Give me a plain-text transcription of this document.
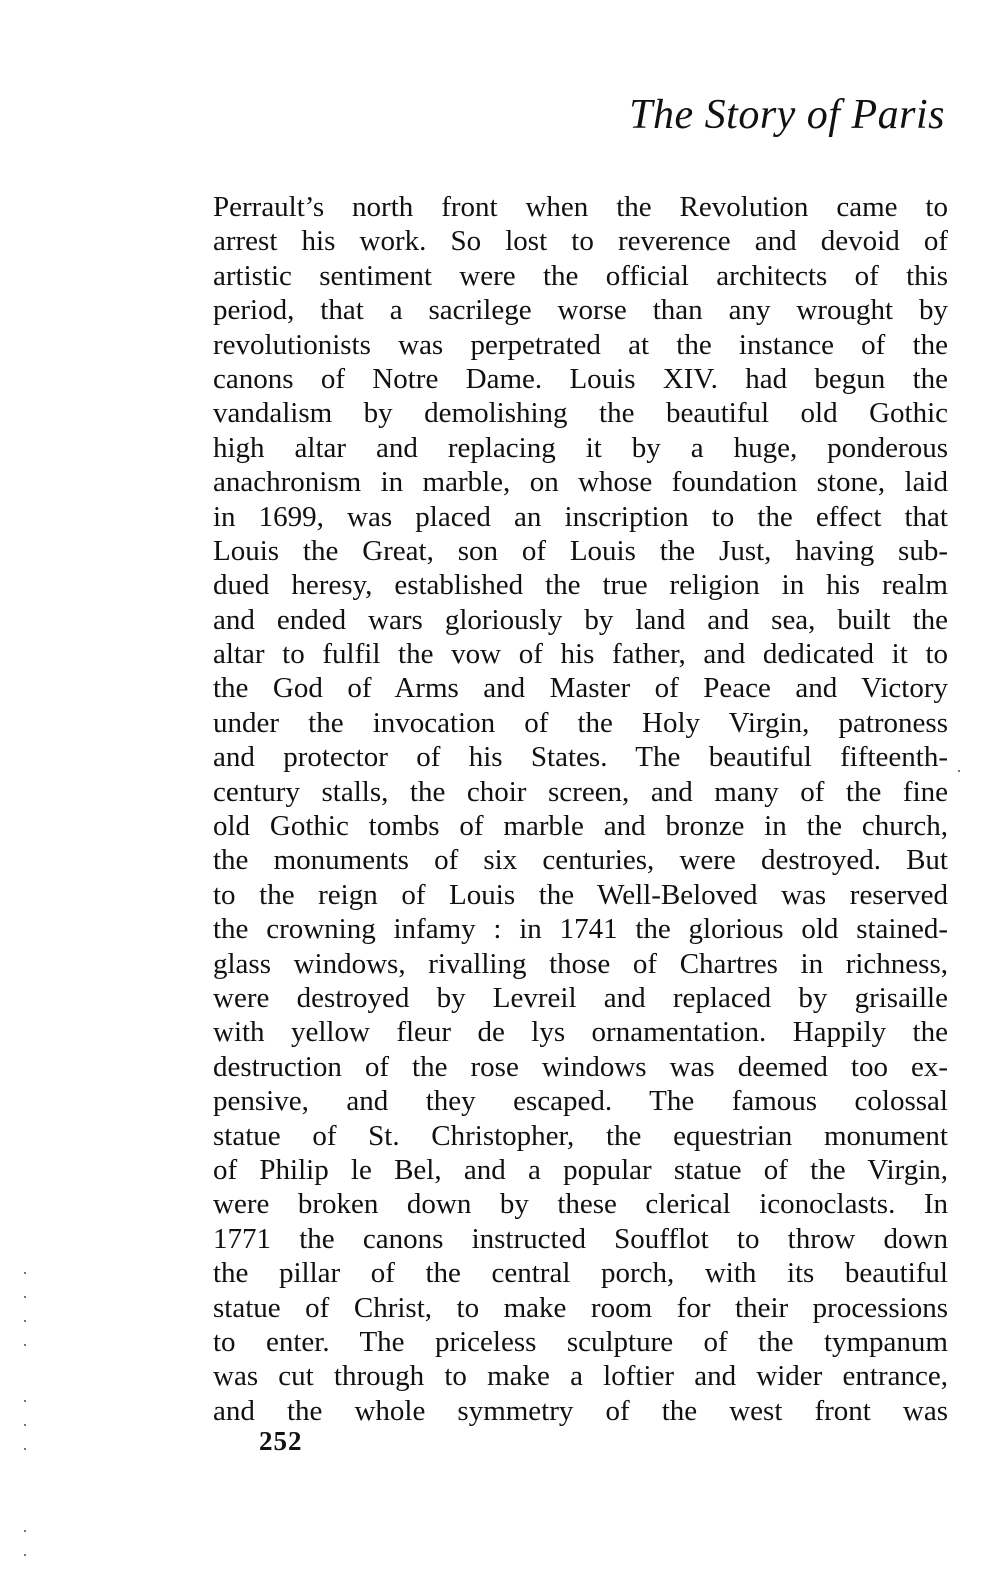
The Story of Paris
Perrault’s north front when the Revolution came to
arrest his work. So lost to reverence and devoid of
artistic sentiment were the official architects of this
period, that a sacrilege worse than any wrought by
revolutionists was perpetrated at the instance of the
canons of Notre Dame. Louis XIV. had begun the
vandalism by demolishing the beautiful old Gothic
high altar and replacing it by a huge, ponderous
anachronism in marble, on whose foundation stone, laid
in 1699, was placed an inscription to the effect that
Louis the Great, son of Louis the Just, having sub-
dued heresy, established the true religion in his realm
and ended wars gloriously by land and sea, built the
altar to fulfil the vow of his father, and dedicated it to
the God of Arms and Master of Peace and Victory
under the invocation of the Holy Virgin, patroness
and protector of his States. The beautiful fifteenth-
century stalls, the choir screen, and many of the fine
old Gothic tombs of marble and bronze in the church,
the monuments of six centuries, were destroyed. But
to the reign of Louis the Well-Beloved was reserved
the crowning infamy : in 1741 the glorious old stained-
glass windows, rivalling those of Chartres in richness,
were destroyed by Levreil and replaced by grisaille
with yellow fleur de lys ornamentation. Happily the
destruction of the rose windows was deemed too ex-
pensive, and they escaped. The famous colossal
statue of St. Christopher, the equestrian monument
of Philip le Bel, and a popular statue of the Virgin,
were broken down by these clerical iconoclasts. In
1771 the canons instructed Soufflot to throw down
the pillar of the central porch, with its beautiful
statue of Christ, to make room for their processions
to enter. The priceless sculpture of the tympanum
was cut through to make a loftier and wider entrance,
and the whole symmetry of the west front was
252
